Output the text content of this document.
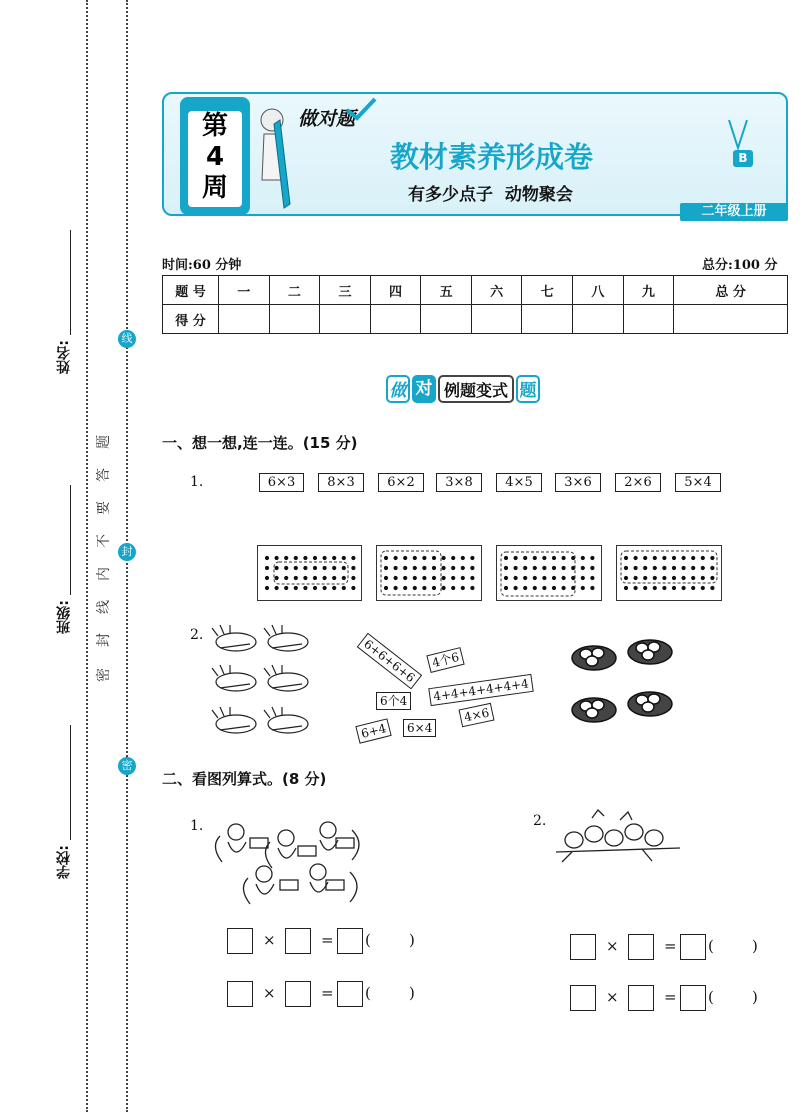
姓名:
班级:
学校:
线
封
密
密
封
线
内
不
要
答
题
第
4
周
做对题
教材素养形成卷
有多少点子  动物聚会
B
二年级上册
时间:60 分钟	总分:100 分
题 号	一	二	三	四	五	六	七	八	九	总 分
得 分										
做 对 例题变式 题
一、想一想,连一连。(15 分)
1.	6×3	8×3	6×2	3×8	4×5	3×6	2×6	5×4
2.
6+6+6+6	4个6
6个4	4+4+4+4+4+4
6+4	6×4
4×6
二、看图列算式。(8 分)
1.	2.
×	= (        )
×	= (        )
×	= (        )
×	= (        )
